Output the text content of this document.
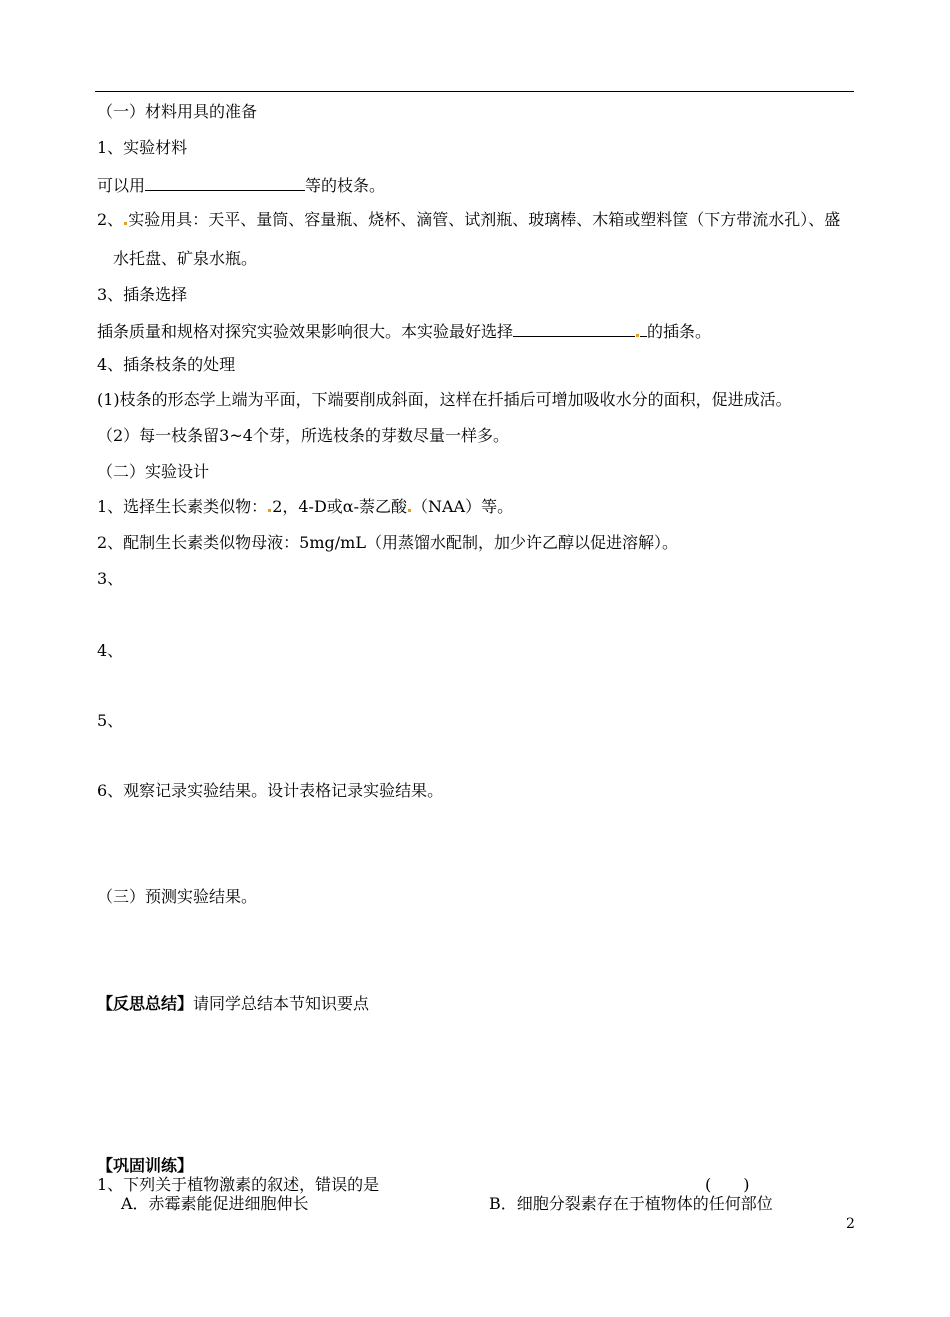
（一）材料用具的准备
1、实验材料
可以用	等的枝条。
2、 实验用具：天平、量筒、容量瓶、烧杯、滴管、试剂瓶、玻璃棒、木箱或塑料筐（下方带流水孔）、盛
水托盘、矿泉水瓶。
3、插条选择
插条质量和规格对探究实验效果影响很大。本实验最好选择	的插条。
4、插条枝条的处理
(1)枝条的形态学上端为平面，下端要削成斜面，这样在扦插后可增加吸收水分的面积，促进成活。
（2）每一枝条留3~4个芽，所选枝条的芽数尽量一样多。
（二）实验设计
1、选择生长素类似物： 2，4-D或α-萘乙酸 （NAA）等。
2、配制生长素类似物母液：5mg/mL（用蒸馏水配制，加少许乙醇以促进溶解）。
3、
4、
5、
6、观察记录实验结果。设计表格记录实验结果。
（三）预测实验结果。
【反思总结】请同学总结本节知识要点
【巩固训练】
1、下列关于植物激素的叙述，错误的是	(　　)
A．赤霉素能促进细胞伸长	B．细胞分裂素存在于植物体的任何部位
2
